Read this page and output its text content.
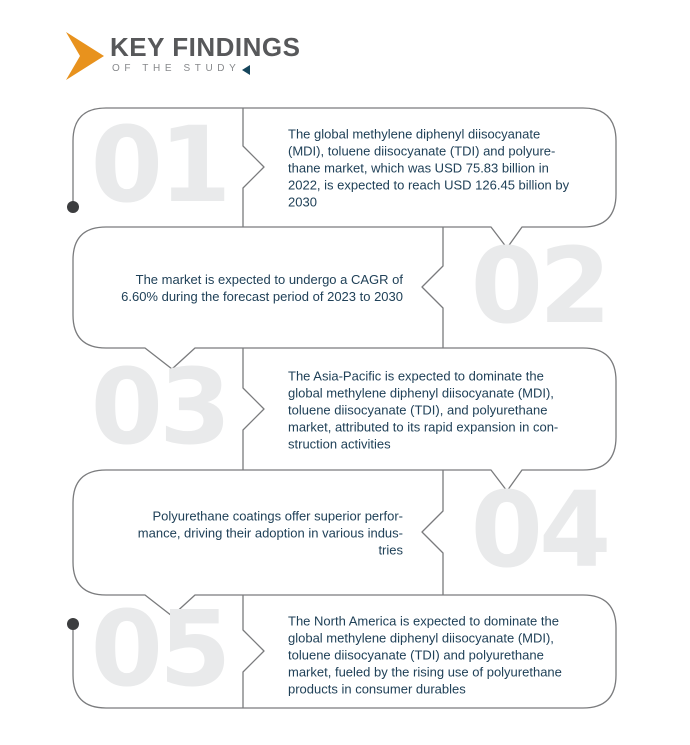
KEY FINDINGS
OF THE STUDY
01	The global methylene diphenyl diisocyanate
(MDI), toluene diisocyanate (TDI) and polyure-
thane market, which was USD 75.83 billion in
2022, is expected to reach USD 126.45 billion by
2030
02
The market is expected to undergo a CAGR of
6.60% during the forecast period of 2023 to 2030
03	The Asia-Pacific is expected to dominate the
global methylene diphenyl diisocyanate (MDI),
toluene diisocyanate (TDI), and polyurethane
market, attributed to its rapid expansion in con-
struction activities
04
Polyurethane coatings offer superior perfor-
mance, driving their adoption in various indus-
tries
05	The North America is expected to dominate the
global methylene diphenyl diisocyanate (MDI),
toluene diisocyanate (TDI) and polyurethane
market, fueled by the rising use of polyurethane
products in consumer durables
